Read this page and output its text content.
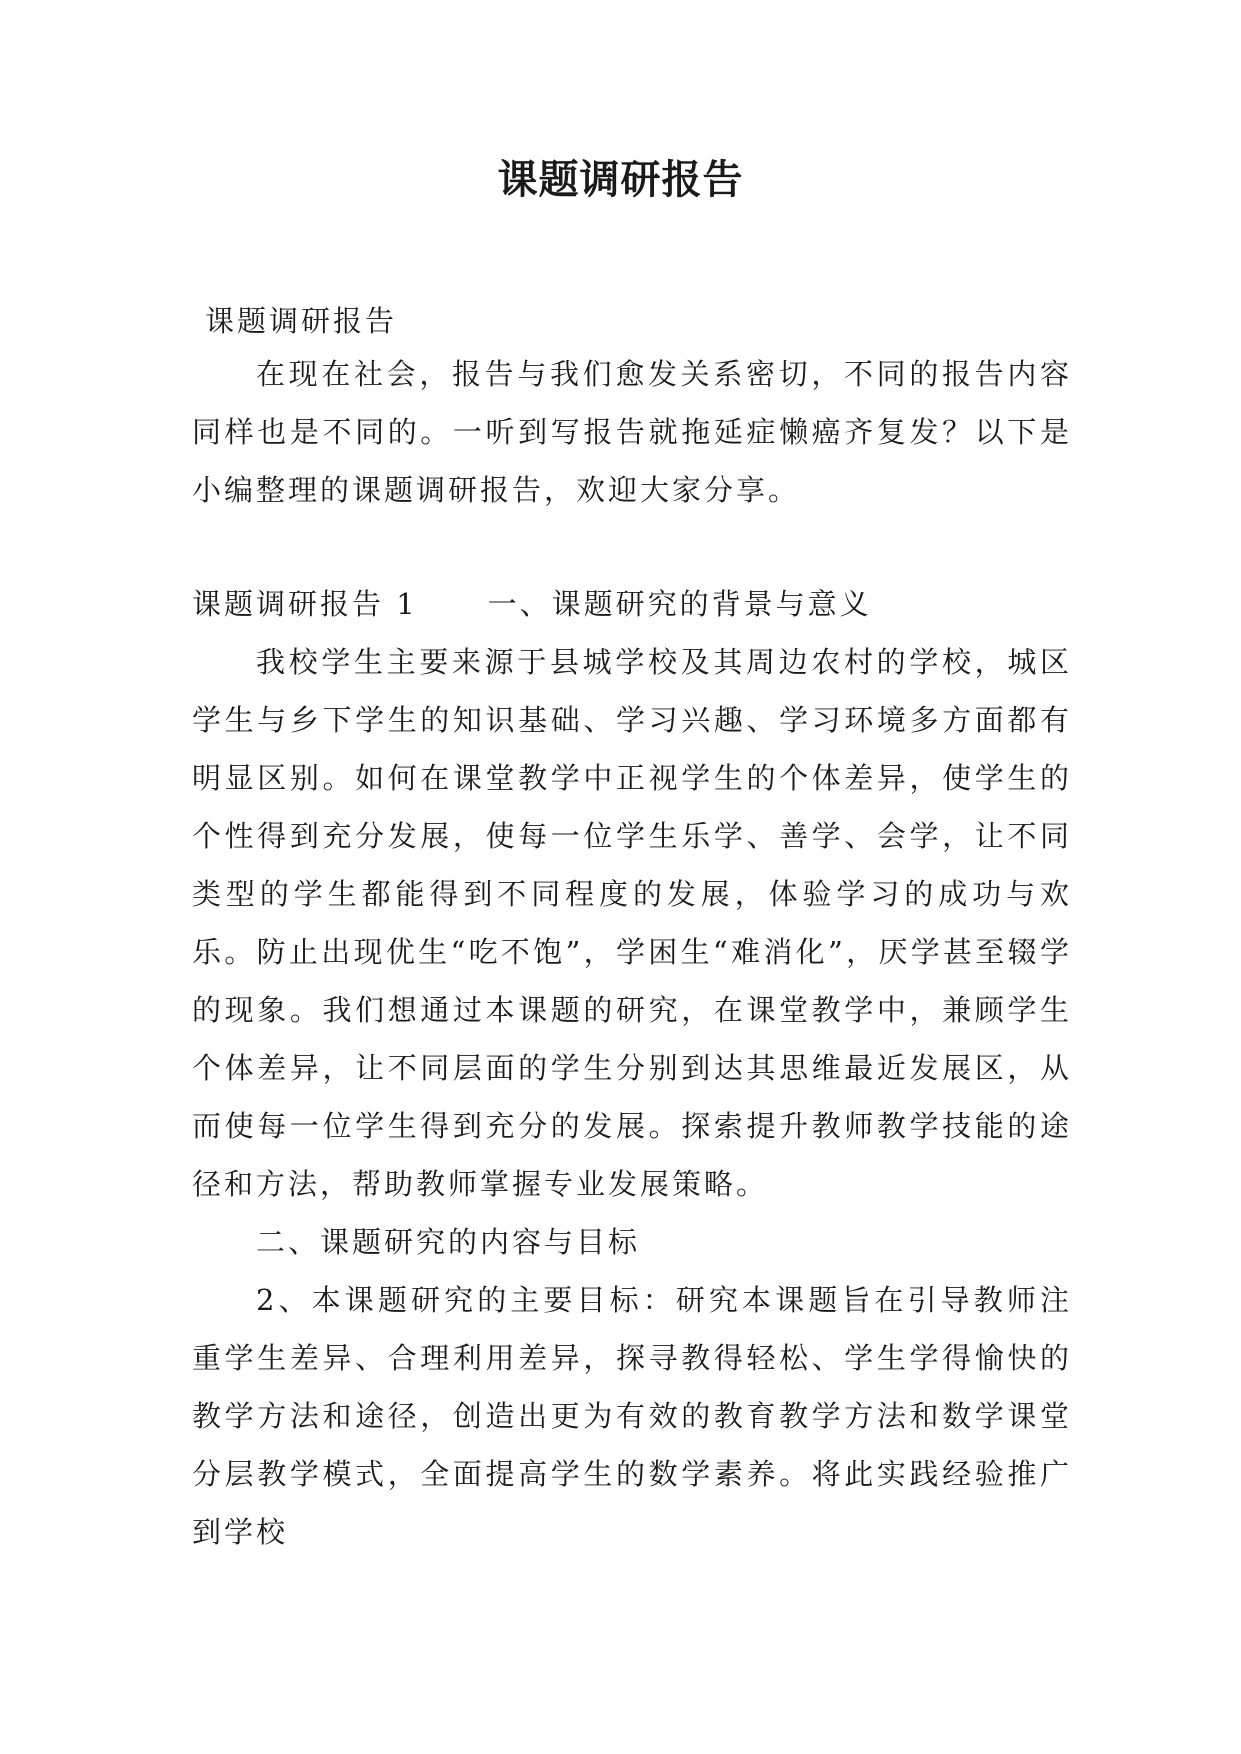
课题调研报告
课题调研报告

在现在社会，报告与我们愈发关系密切，不同的报告内容同样也是不同的。一听到写报告就拖延症懒癌齐复发？以下是小编整理的课题调研报告，欢迎大家分享。

课题调研报告 1 一、课题研究的背景与意义

我校学生主要来源于县城学校及其周边农村的学校，城区学生与乡下学生的知识基础、学习兴趣、学习环境多方面都有明显区别。如何在课堂教学中正视学生的个体差异，使学生的个性得到充分发展，使每一位学生乐学、善学、会学，让不同类型的学生都能得到不同程度的发展，体验学习的成功与欢乐。防止出现优生“吃不饱”，学困生“难消化”，厌学甚至辍学的现象。我们想通过本课题的研究，在课堂教学中，兼顾学生个体差异，让不同层面的学生分别到达其思维最近发展区，从而使每一位学生得到充分的发展。探索提升教师教学技能的途径和方法，帮助教师掌握专业发展策略。

二、课题研究的内容与目标

2、本课题研究的主要目标：研究本课题旨在引导教师注重学生差异、合理利用差异，探寻教得轻松、学生学得愉快的教学方法和途径，创造出更为有效的教育教学方法和数学课堂分层教学模式，全面提高学生的数学素养。将此实践经验推广到学校
